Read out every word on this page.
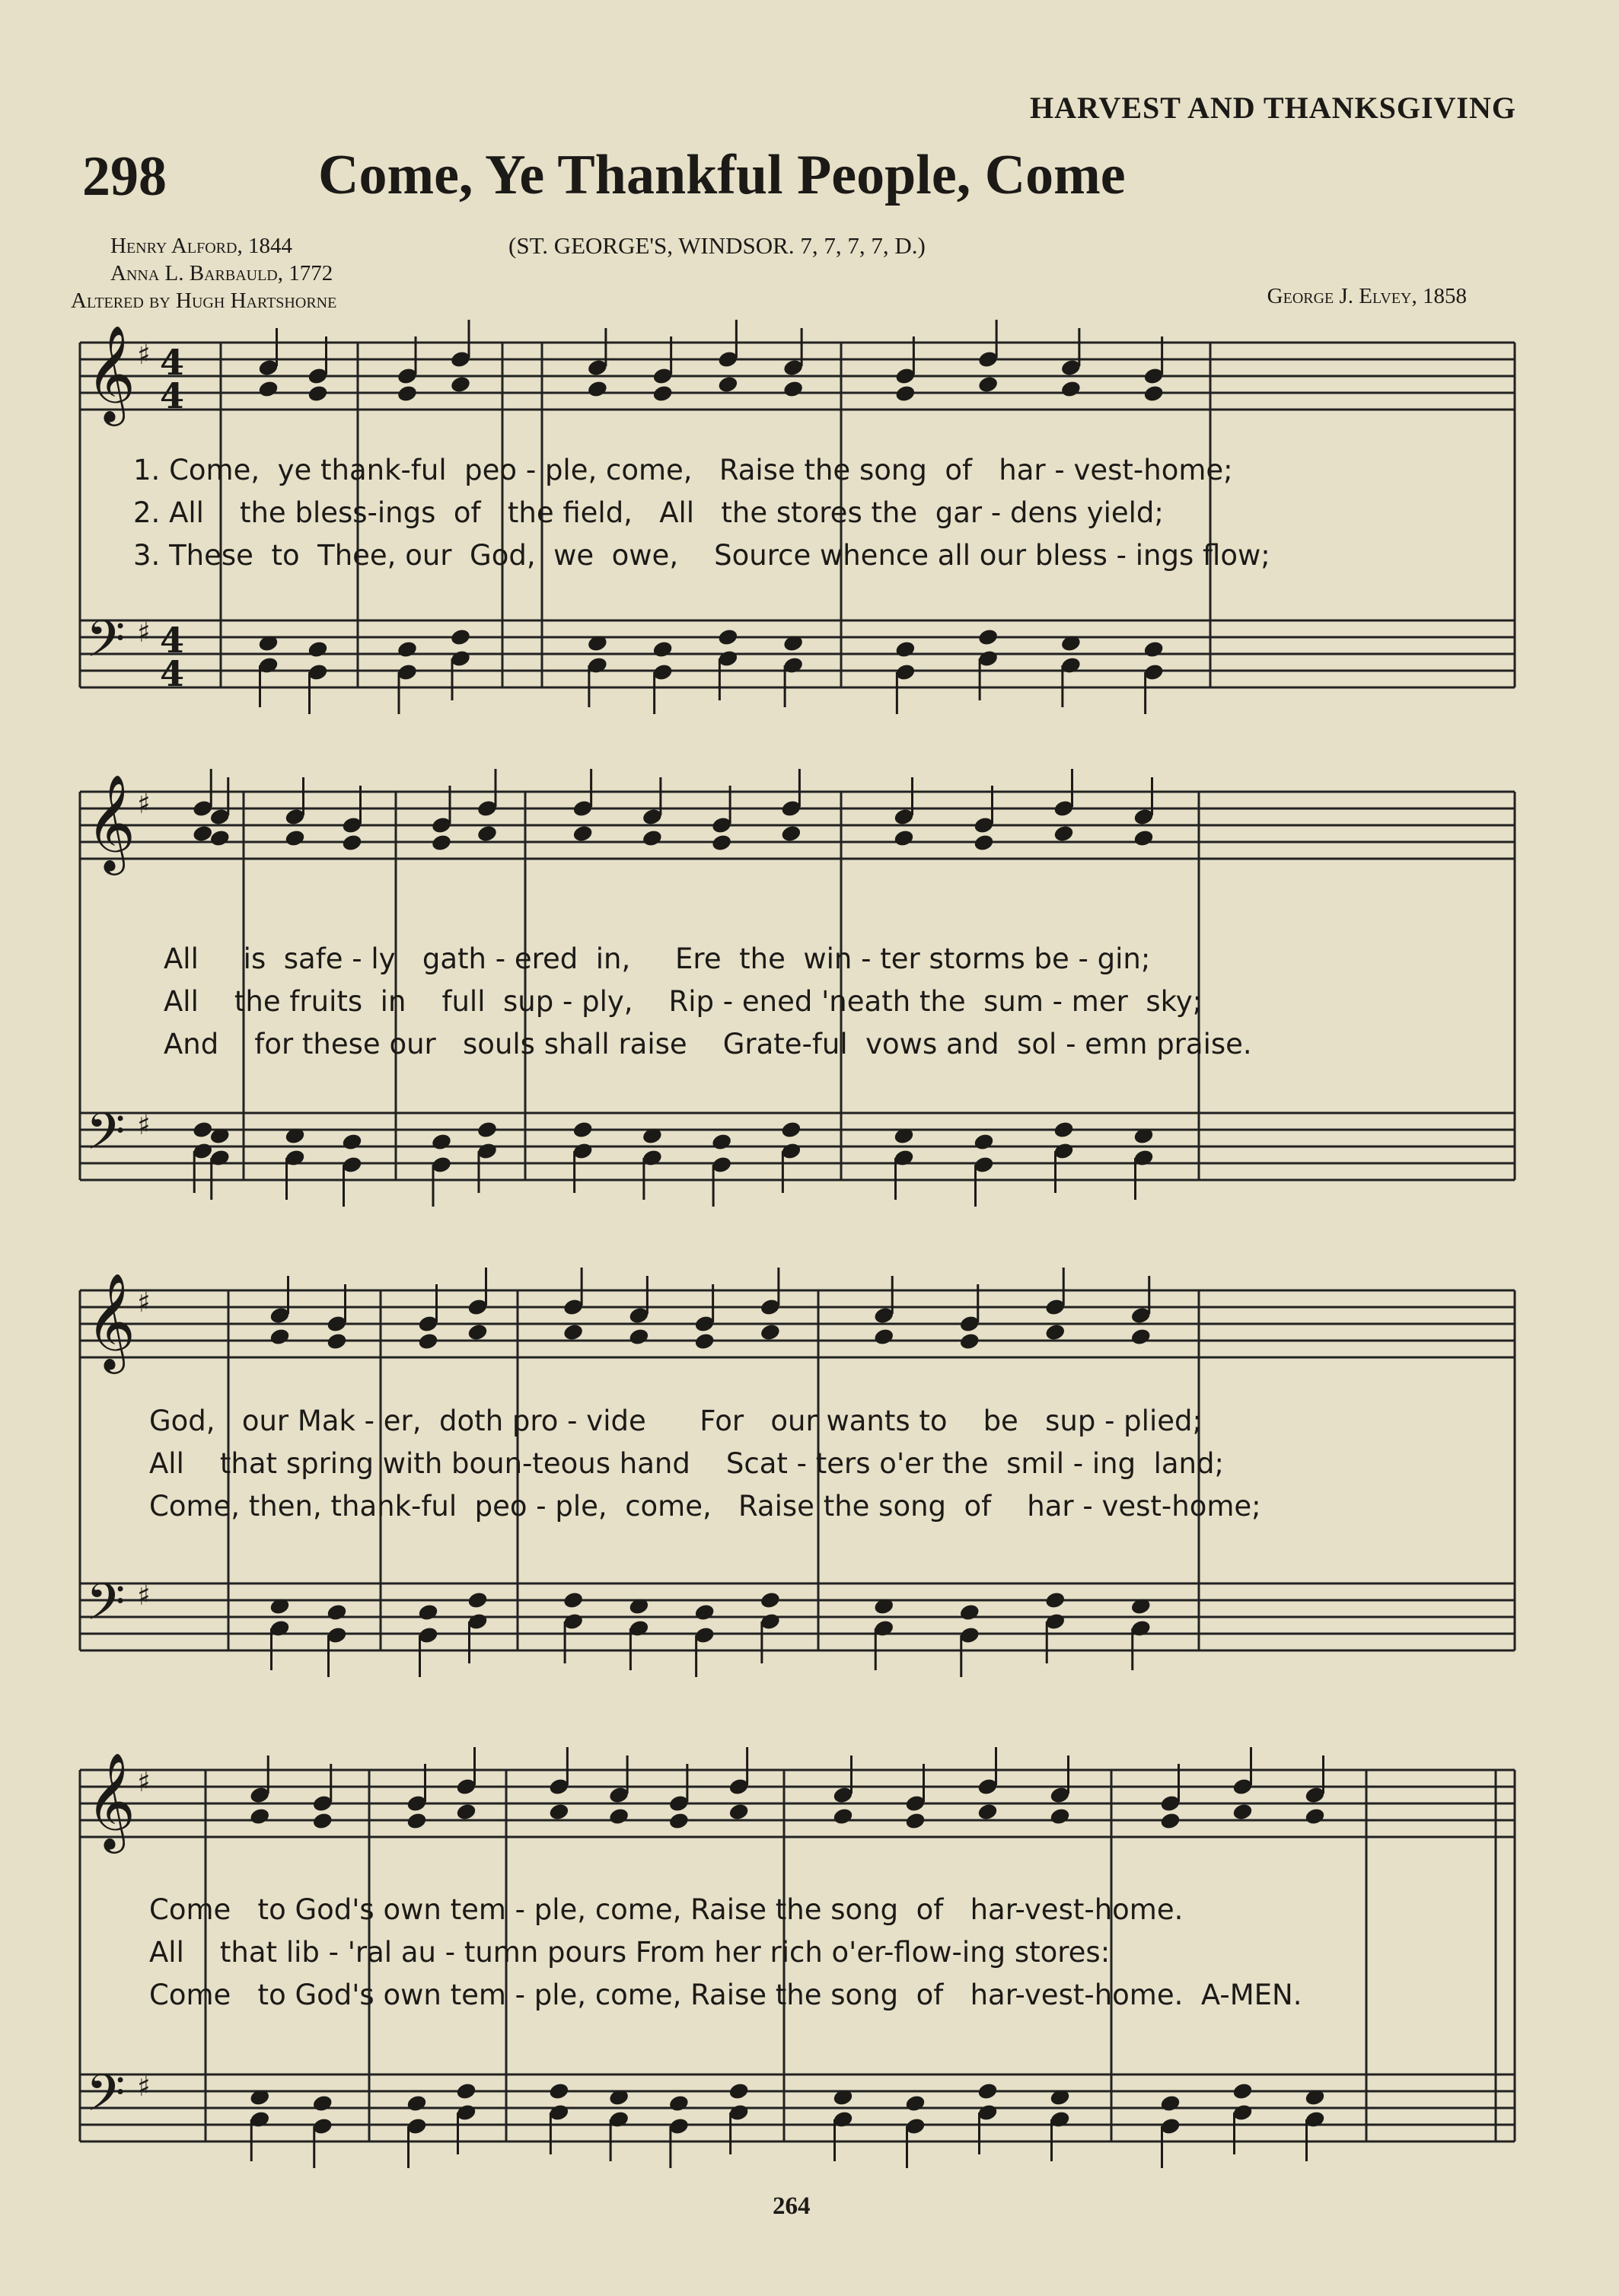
HARVEST AND THANKSGIVING
298	Come, Ye Thankful People, Come
Henry Alford, 1844
Anna L. Barbauld, 1772
Altered by Hugh Hartshorne
(ST. GEORGE'S, WINDSOR. 7, 7, 7, 7, D.)
George J. Elvey, 1858
𝄞
𝄢
♯
♯
4
4
4
4
𝄞
𝄢
♯
♯
𝄞
𝄢
♯
♯
𝄞
𝄢
♯
♯
1. Come,  ye thank-ful  peo - ple, come,   Raise the song  of   har - vest-home;
2. All    the bless-ings  of   the field,   All   the stores the  gar - dens yield;
3. These  to  Thee, our  God,  we  owe,    Source whence all our bless - ings flow;
All     is  safe - ly   gath - ered  in,     Ere  the  win - ter storms be - gin;
All    the fruits  in    full  sup - ply,    Rip - ened 'neath the  sum - mer  sky;
And    for these our   souls shall raise    Grate-ful  vows and  sol - emn praise.
God,   our Mak - er,  doth pro - vide      For   our wants to    be   sup - plied;
All    that spring with boun-teous hand    Scat - ters o'er the  smil - ing  land;
Come, then, thank-ful  peo - ple,  come,   Raise the song  of    har - vest-home;
Come   to God's own tem - ple, come, Raise the song  of   har-vest-home.
All    that lib - 'ral au - tumn pours From her rich o'er-flow-ing stores:
Come   to God's own tem - ple, come, Raise the song  of   har-vest-home.  A-MEN.
264
